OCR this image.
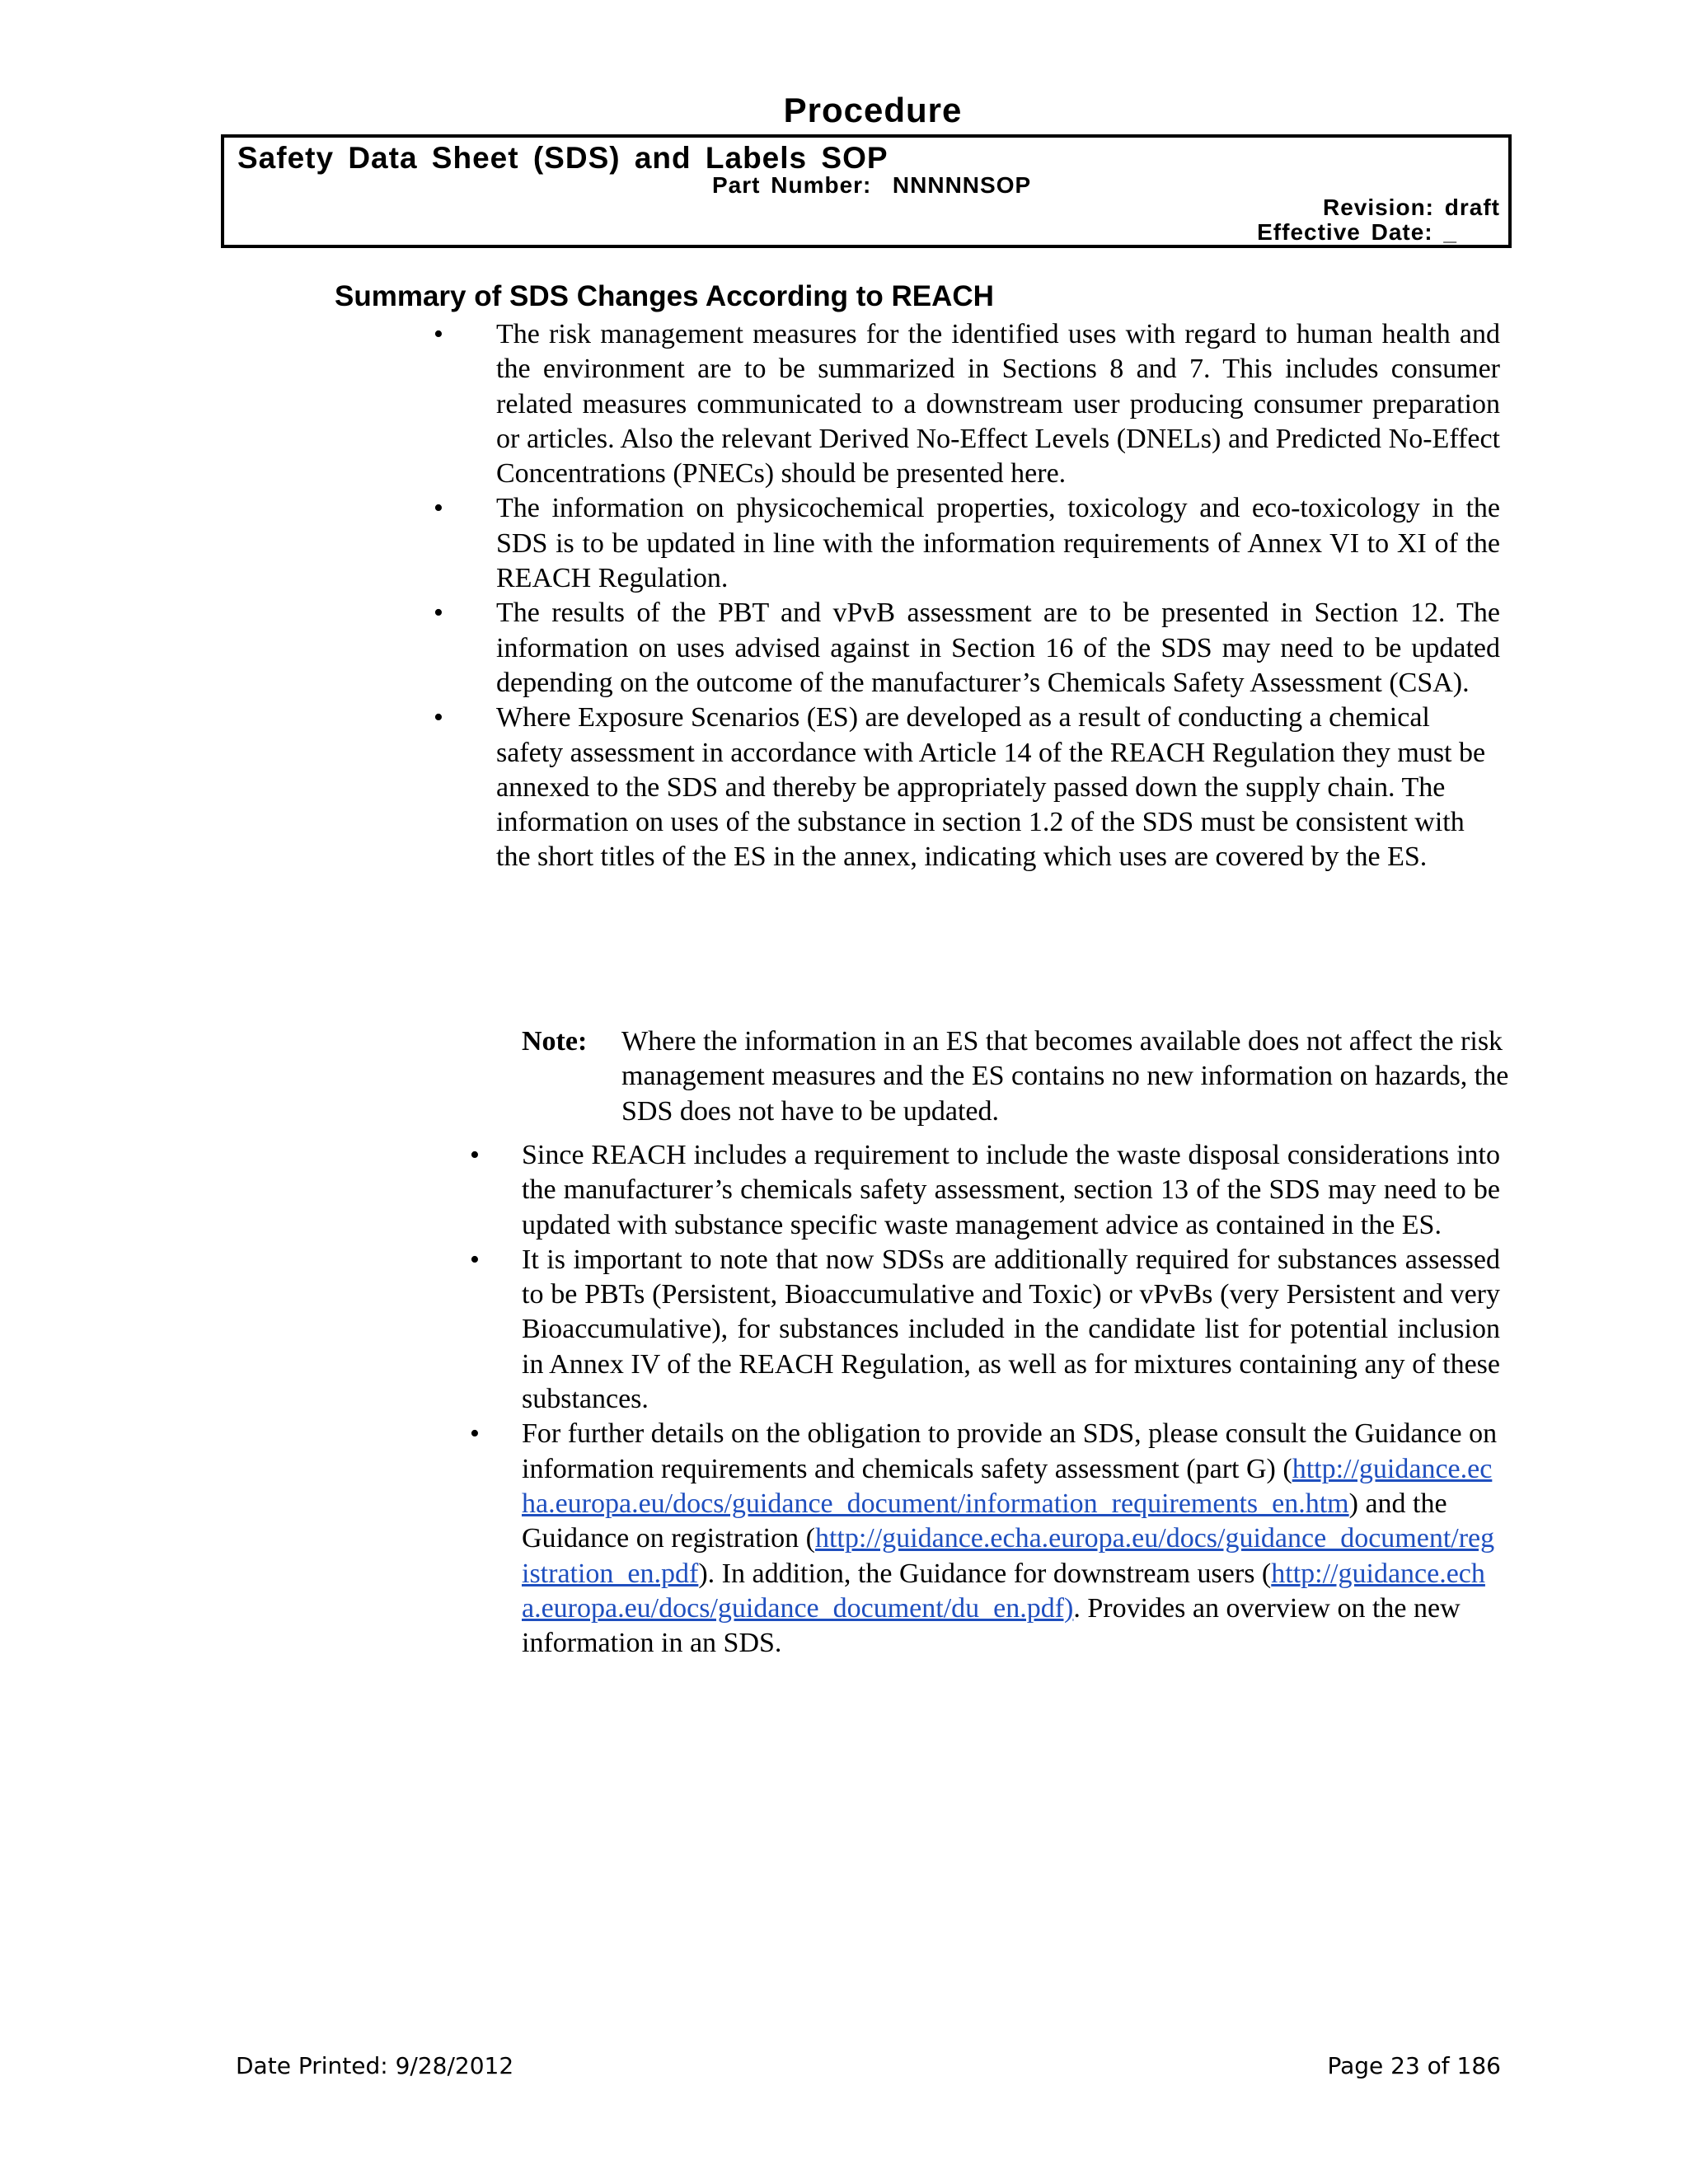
Procedure
Safety Data Sheet (SDS) and Labels SOP
Part Number:  NNNNNSOP
Revision: draft
Effective Date: _
Summary of SDS Changes According to REACH
• The risk management measures for the identified uses with regard to human health and the environment are to be summarized in Sections 8 and 7. This includes consumer related measures communicated to a downstream user producing consumer preparation or articles. Also the relevant Derived No-Effect Levels (DNELs) and Predicted No-Effect Concentrations (PNECs) should be presented here.
• The information on physicochemical properties, toxicology and eco-toxicology in the SDS is to be updated in line with the information requirements of Annex VI to XI of the REACH Regulation.
• The results of the PBT and vPvB assessment are to be presented in Section 12. The information on uses advised against in Section 16 of the SDS may need to be updated depending on the outcome of the manufacturer’s Chemicals Safety Assessment (CSA).
• Where Exposure Scenarios (ES) are developed as a result of conducting a chemical safety assessment in accordance with Article 14 of the REACH Regulation they must be annexed to the SDS and thereby be appropriately passed down the supply chain. The information on uses of the substance in section 1.2 of the SDS must be consistent with the short titles of the ES in the annex, indicating which uses are covered by the ES.
Note: Where the information in an ES that becomes available does not affect the risk management measures and the ES contains no new information on hazards, the SDS does not have to be updated.
• Since REACH includes a requirement to include the waste disposal considerations into the manufacturer’s chemicals safety assessment, section 13 of the SDS may need to be updated with substance specific waste management advice as contained in the ES.
• It is important to note that now SDSs are additionally required for substances assessed to be PBTs (Persistent, Bioaccumulative and Toxic) or vPvBs (very Persistent and very Bioaccumulative), for substances included in the candidate list for potential inclusion in Annex IV of the REACH Regulation, as well as for mixtures containing any of these substances.
• For further details on the obligation to provide an SDS, please consult the Guidance on information requirements and chemicals safety assessment (part G) (http://guidance.echa.europa.eu/docs/guidance_document/information_requirements_en.htm) and the Guidance on registration (http://guidance.echa.europa.eu/docs/guidance_document/registration_en.pdf). In addition, the Guidance for downstream users (http://guidance.echa.europa.eu/docs/guidance_document/du_en.pdf). Provides an overview on the new information in an SDS.
Date Printed: 9/28/2012	Page 23 of 186
